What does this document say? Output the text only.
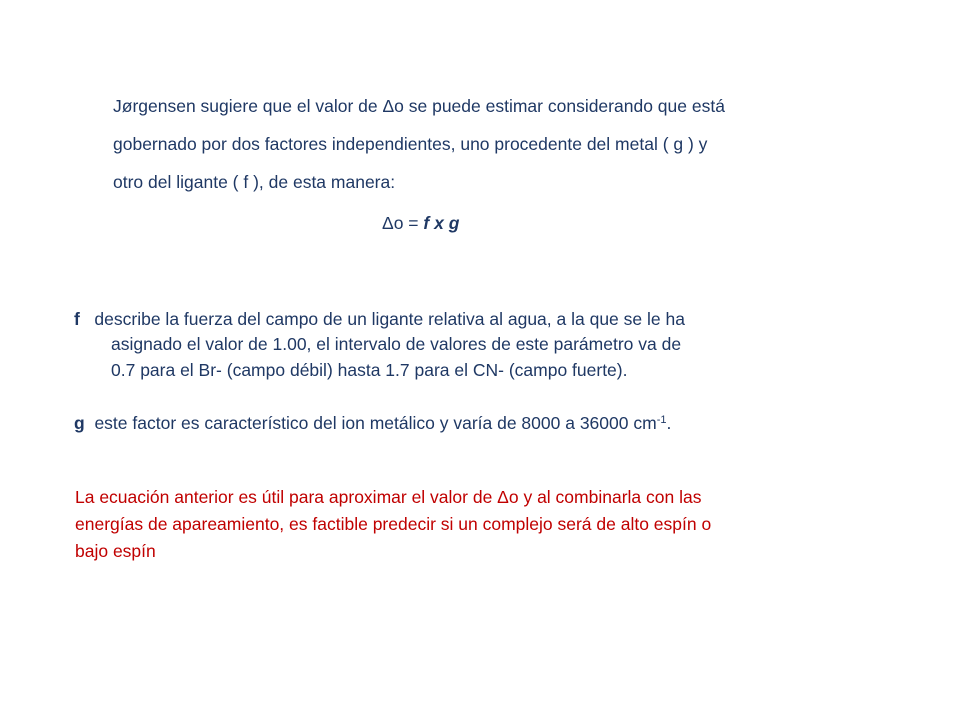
Jørgensen sugiere que el valor de Δo se puede estimar considerando que está
gobernado por dos factores independientes, uno procedente del metal ( g ) y
otro del ligante ( f ), de esta manera:
Δo = f x g
f describe la fuerza del campo de un ligante relativa al agua, a la que se le ha
asignado el valor de 1.00, el intervalo de valores de este parámetro va de
0.7 para el Br- (campo débil) hasta 1.7 para el CN- (campo fuerte).
g este factor es característico del ion metálico y varía de 8000 a 36000 $cm^{-1}$.
La ecuación anterior es útil para aproximar el valor de Δo y al combinarla con las
energías de apareamiento, es factible predecir si un complejo será de alto espín o
bajo espín
